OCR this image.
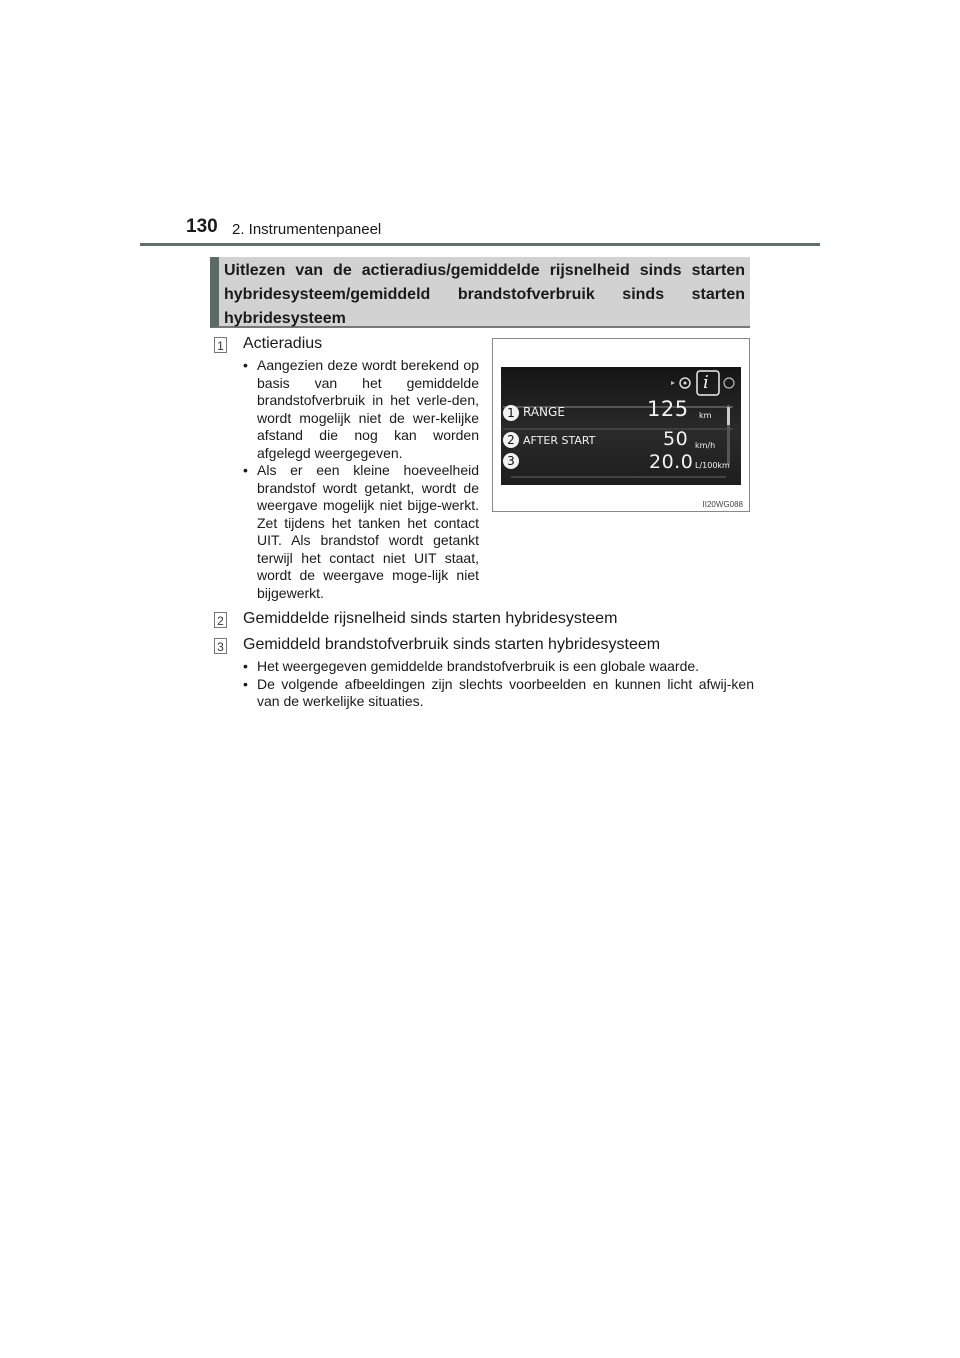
130 2. Instrumentenpaneel
Uitlezen van de actieradius/gemiddelde rijsnelheid sinds starten hybridesysteem/gemiddeld brandstofverbruik sinds starten hybridesysteem
1 Actieradius
• Aangezien deze wordt berekend op basis van het gemiddelde brandstofverbruik in het verle-den, wordt mogelijk niet de wer-kelijke afstand die nog kan worden afgelegd weergegeven.
• Als er een kleine hoeveelheid brandstof wordt getankt, wordt de weergave mogelijk niet bijge-werkt. Zet tijdens het tanken het contact UIT. Als brandstof wordt getankt terwijl het contact niet UIT staat, wordt de weergave moge-lijk niet bijgewerkt.
i
RANGE	125 km
AFTER START	50 km/h
20.0 L/100km
1
2
3
II20WG088
2 Gemiddelde rijsnelheid sinds starten hybridesysteem
3 Gemiddeld brandstofverbruik sinds starten hybridesysteem
• Het weergegeven gemiddelde brandstofverbruik is een globale waarde.
• De volgende afbeeldingen zijn slechts voorbeelden en kunnen licht afwij-ken van de werkelijke situaties.
